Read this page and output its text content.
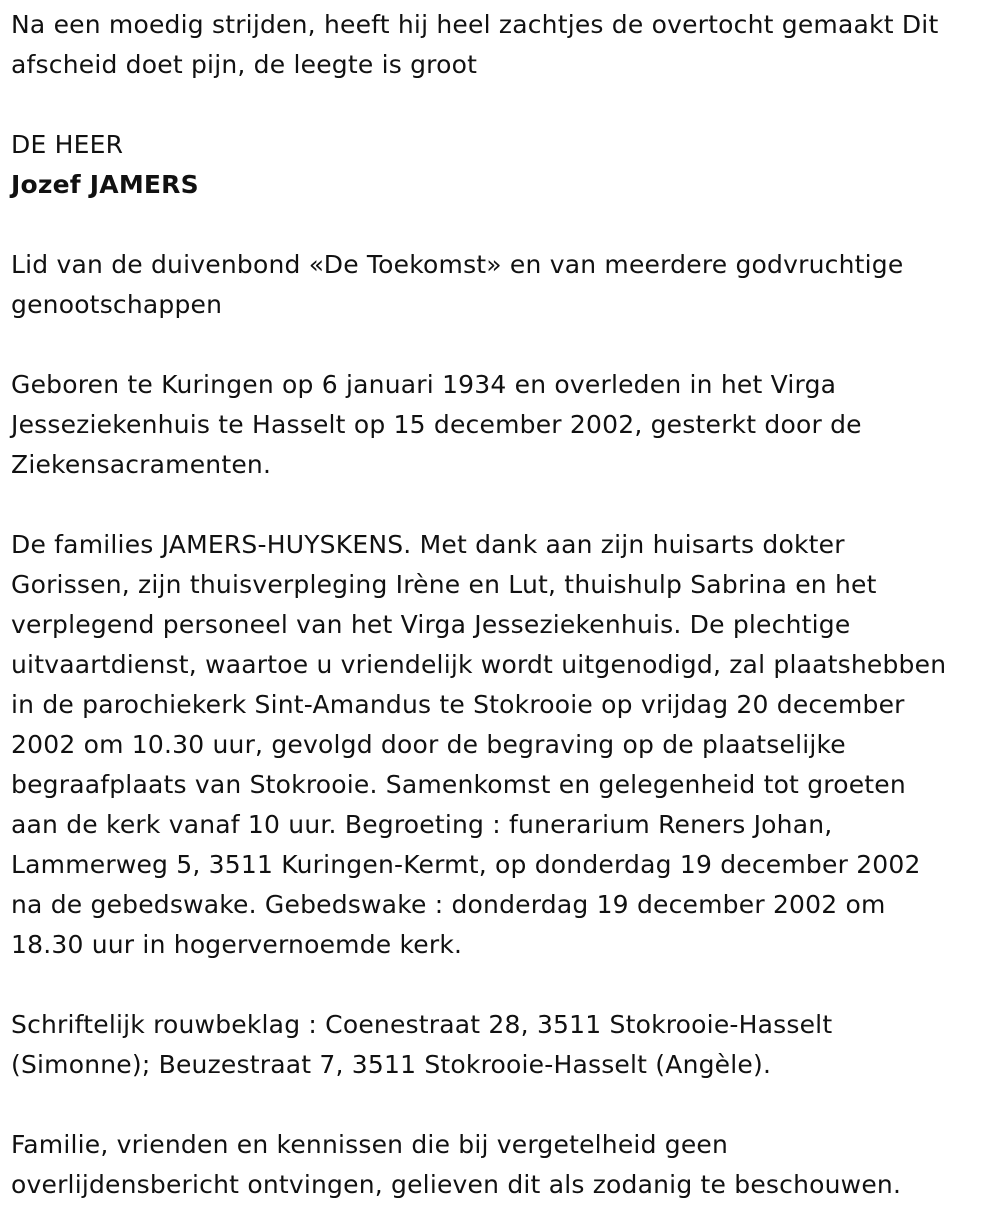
Na een moedig strijden, heeft hij heel zachtjes de overtocht gemaakt Dit
afscheid doet pijn, de leegte is groot

DE HEER

Jozef JAMERS

Lid van de duivenbond «De Toekomst» en van meerdere godvruchtige
genootschappen

Geboren te Kuringen op 6 januari 1934 en overleden in het Virga
Jesseziekenhuis te Hasselt op 15 december 2002, gesterkt door de
Ziekensacramenten.

De families JAMERS-HUYSKENS. Met dank aan zijn huisarts dokter
Gorissen, zijn thuisverpleging Irène en Lut, thuishulp Sabrina en het
verplegend personeel van het Virga Jesseziekenhuis. De plechtige
uitvaartdienst, waartoe u vriendelijk wordt uitgenodigd, zal plaatshebben
in de parochiekerk Sint-Amandus te Stokrooie op vrijdag 20 december
2002 om 10.30 uur, gevolgd door de begraving op de plaatselijke
begraafplaats van Stokrooie. Samenkomst en gelegenheid tot groeten
aan de kerk vanaf 10 uur. Begroeting : funerarium Reners Johan,
Lammerweg 5, 3511 Kuringen-Kermt, op donderdag 19 december 2002
na de gebedswake. Gebedswake : donderdag 19 december 2002 om
18.30 uur in hogervernoemde kerk.

Schriftelijk rouwbeklag : Coenestraat 28, 3511 Stokrooie-Hasselt
(Simonne); Beuzestraat 7, 3511 Stokrooie-Hasselt (Angèle).

Familie, vrienden en kennissen die bij vergetelheid geen
overlijdensbericht ontvingen, gelieven dit als zodanig te beschouwen.
